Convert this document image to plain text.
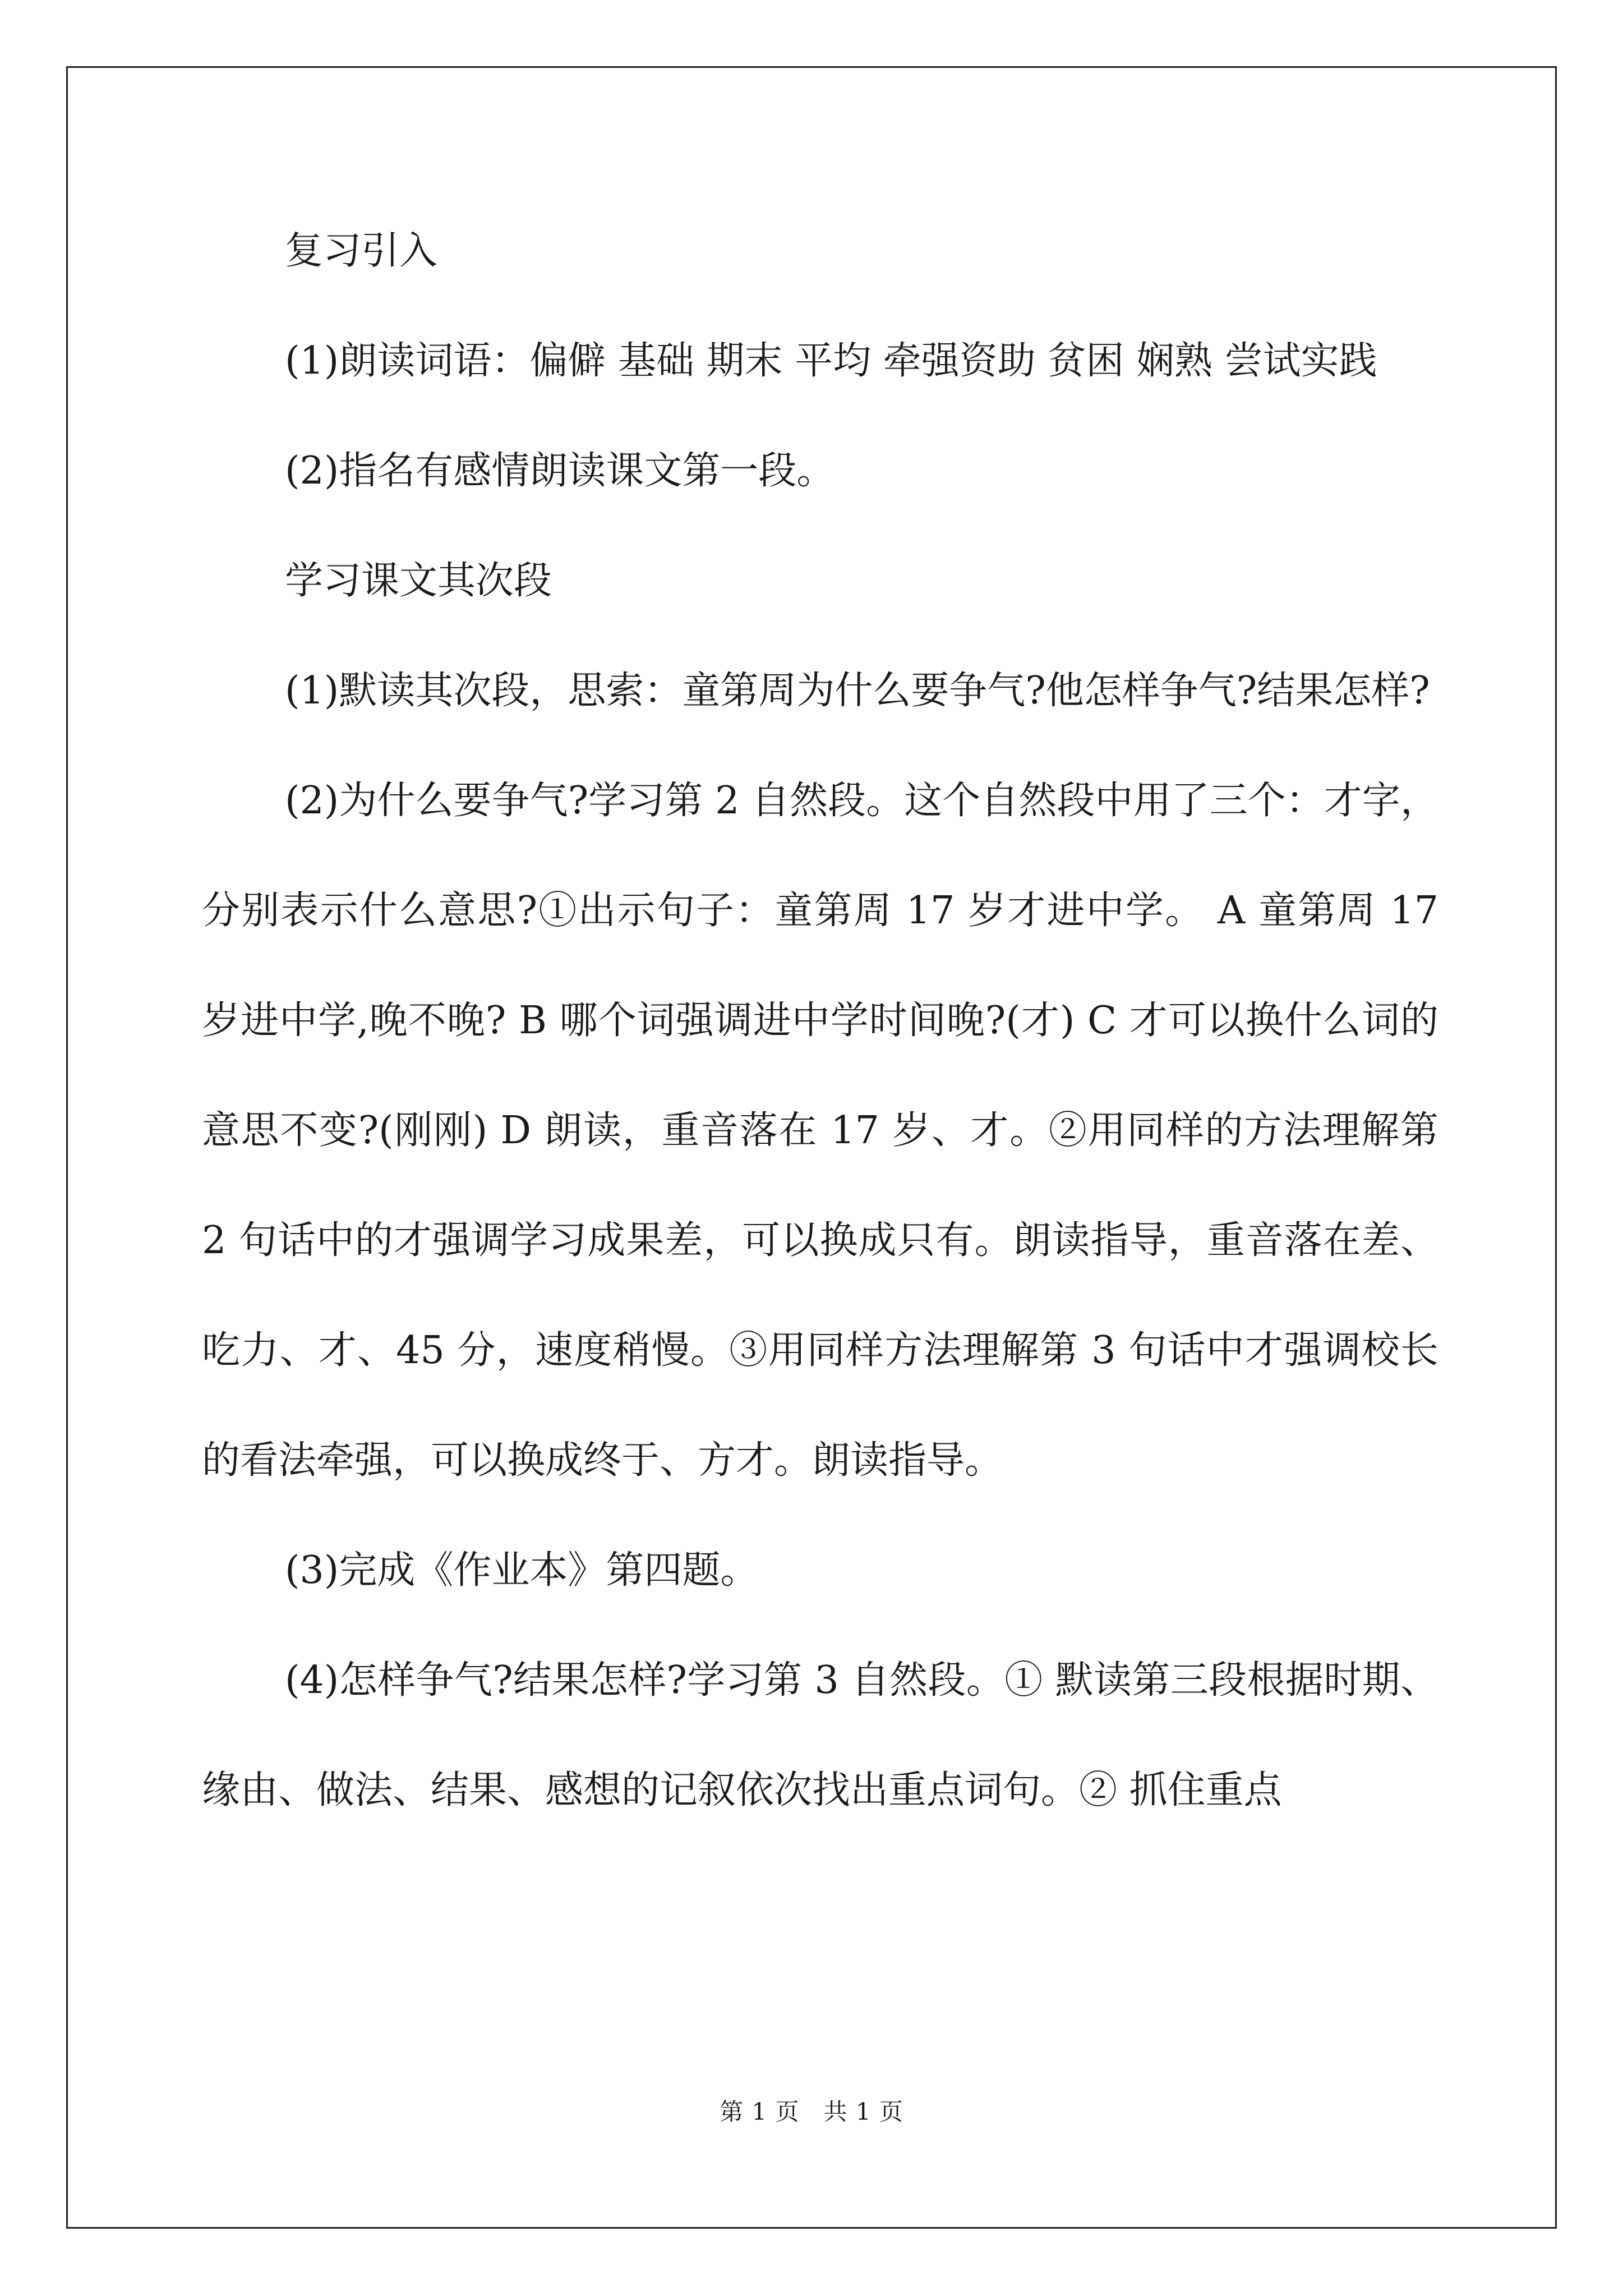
复习引入

(1)朗读词语：偏僻 基础 期末 平均 牵强资助 贫困 娴熟 尝试实践

(2)指名有感情朗读课文第一段。

学习课文其次段

(1)默读其次段，思索：童第周为什么要争气?他怎样争气?结果怎样?

(2)为什么要争气?学习第 2 自然段。这个自然段中用了三个：才字，分别表示什么意思?①出示句子：童第周 17 岁才进中学。 A 童第周 17 岁进中学,晚不晚? B 哪个词强调进中学时间晚?(才) C 才可以换什么词的意思不变?(刚刚) D 朗读，重音落在 17 岁、才。②用同样的方法理解第 2 句话中的才强调学习成果差，可以换成只有。朗读指导，重音落在差、吃力、才、45 分，速度稍慢。③用同样方法理解第 3 句话中才强调校长的看法牵强，可以换成终于、方才。朗读指导。

(3)完成《作业本》第四题。

(4)怎样争气?结果怎样?学习第 3 自然段。① 默读第三段根据时期、缘由、做法、结果、感想的记叙依次找出重点词句。② 抓住重点

第 1 页　共 1 页
